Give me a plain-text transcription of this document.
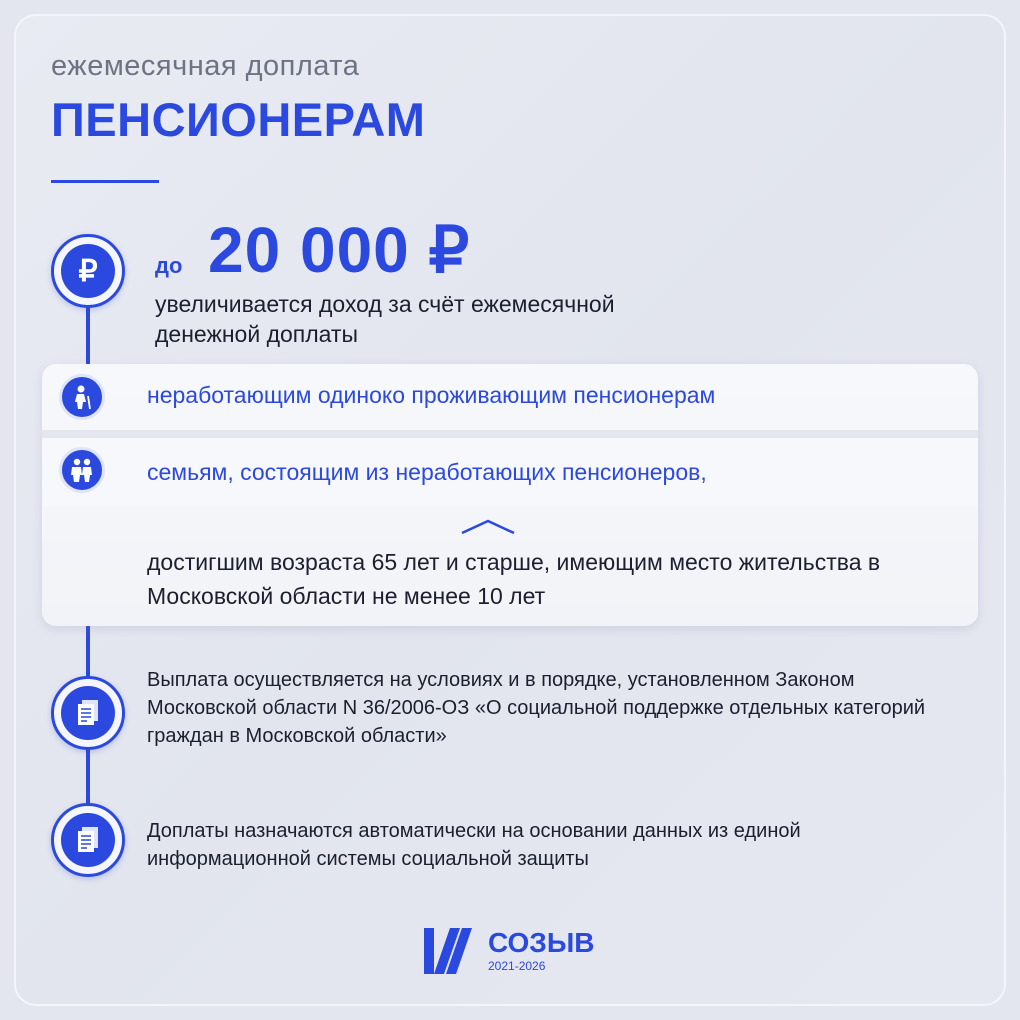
ежемесячная доплата
ПЕНСИОНЕРАМ
₽	до 20 000 ₽
увеличивается доход за счёт ежемесячной денежной доплаты
неработающим одиноко проживающим пенсионерам
семьям, состоящим из неработающих пенсионеров,
достигшим возраста 65 лет и старше, имеющим место жительства в Московской области не менее 10 лет
Выплата осуществляется на условиях и в порядке, установленном Законом Московской области N 36/2006-ОЗ «О социальной поддержке отдельных категорий граждан в Московской области»
Доплаты назначаются автоматически на основании данных из единой информационной системы социальной защиты
СОЗЫВ
2021-2026
